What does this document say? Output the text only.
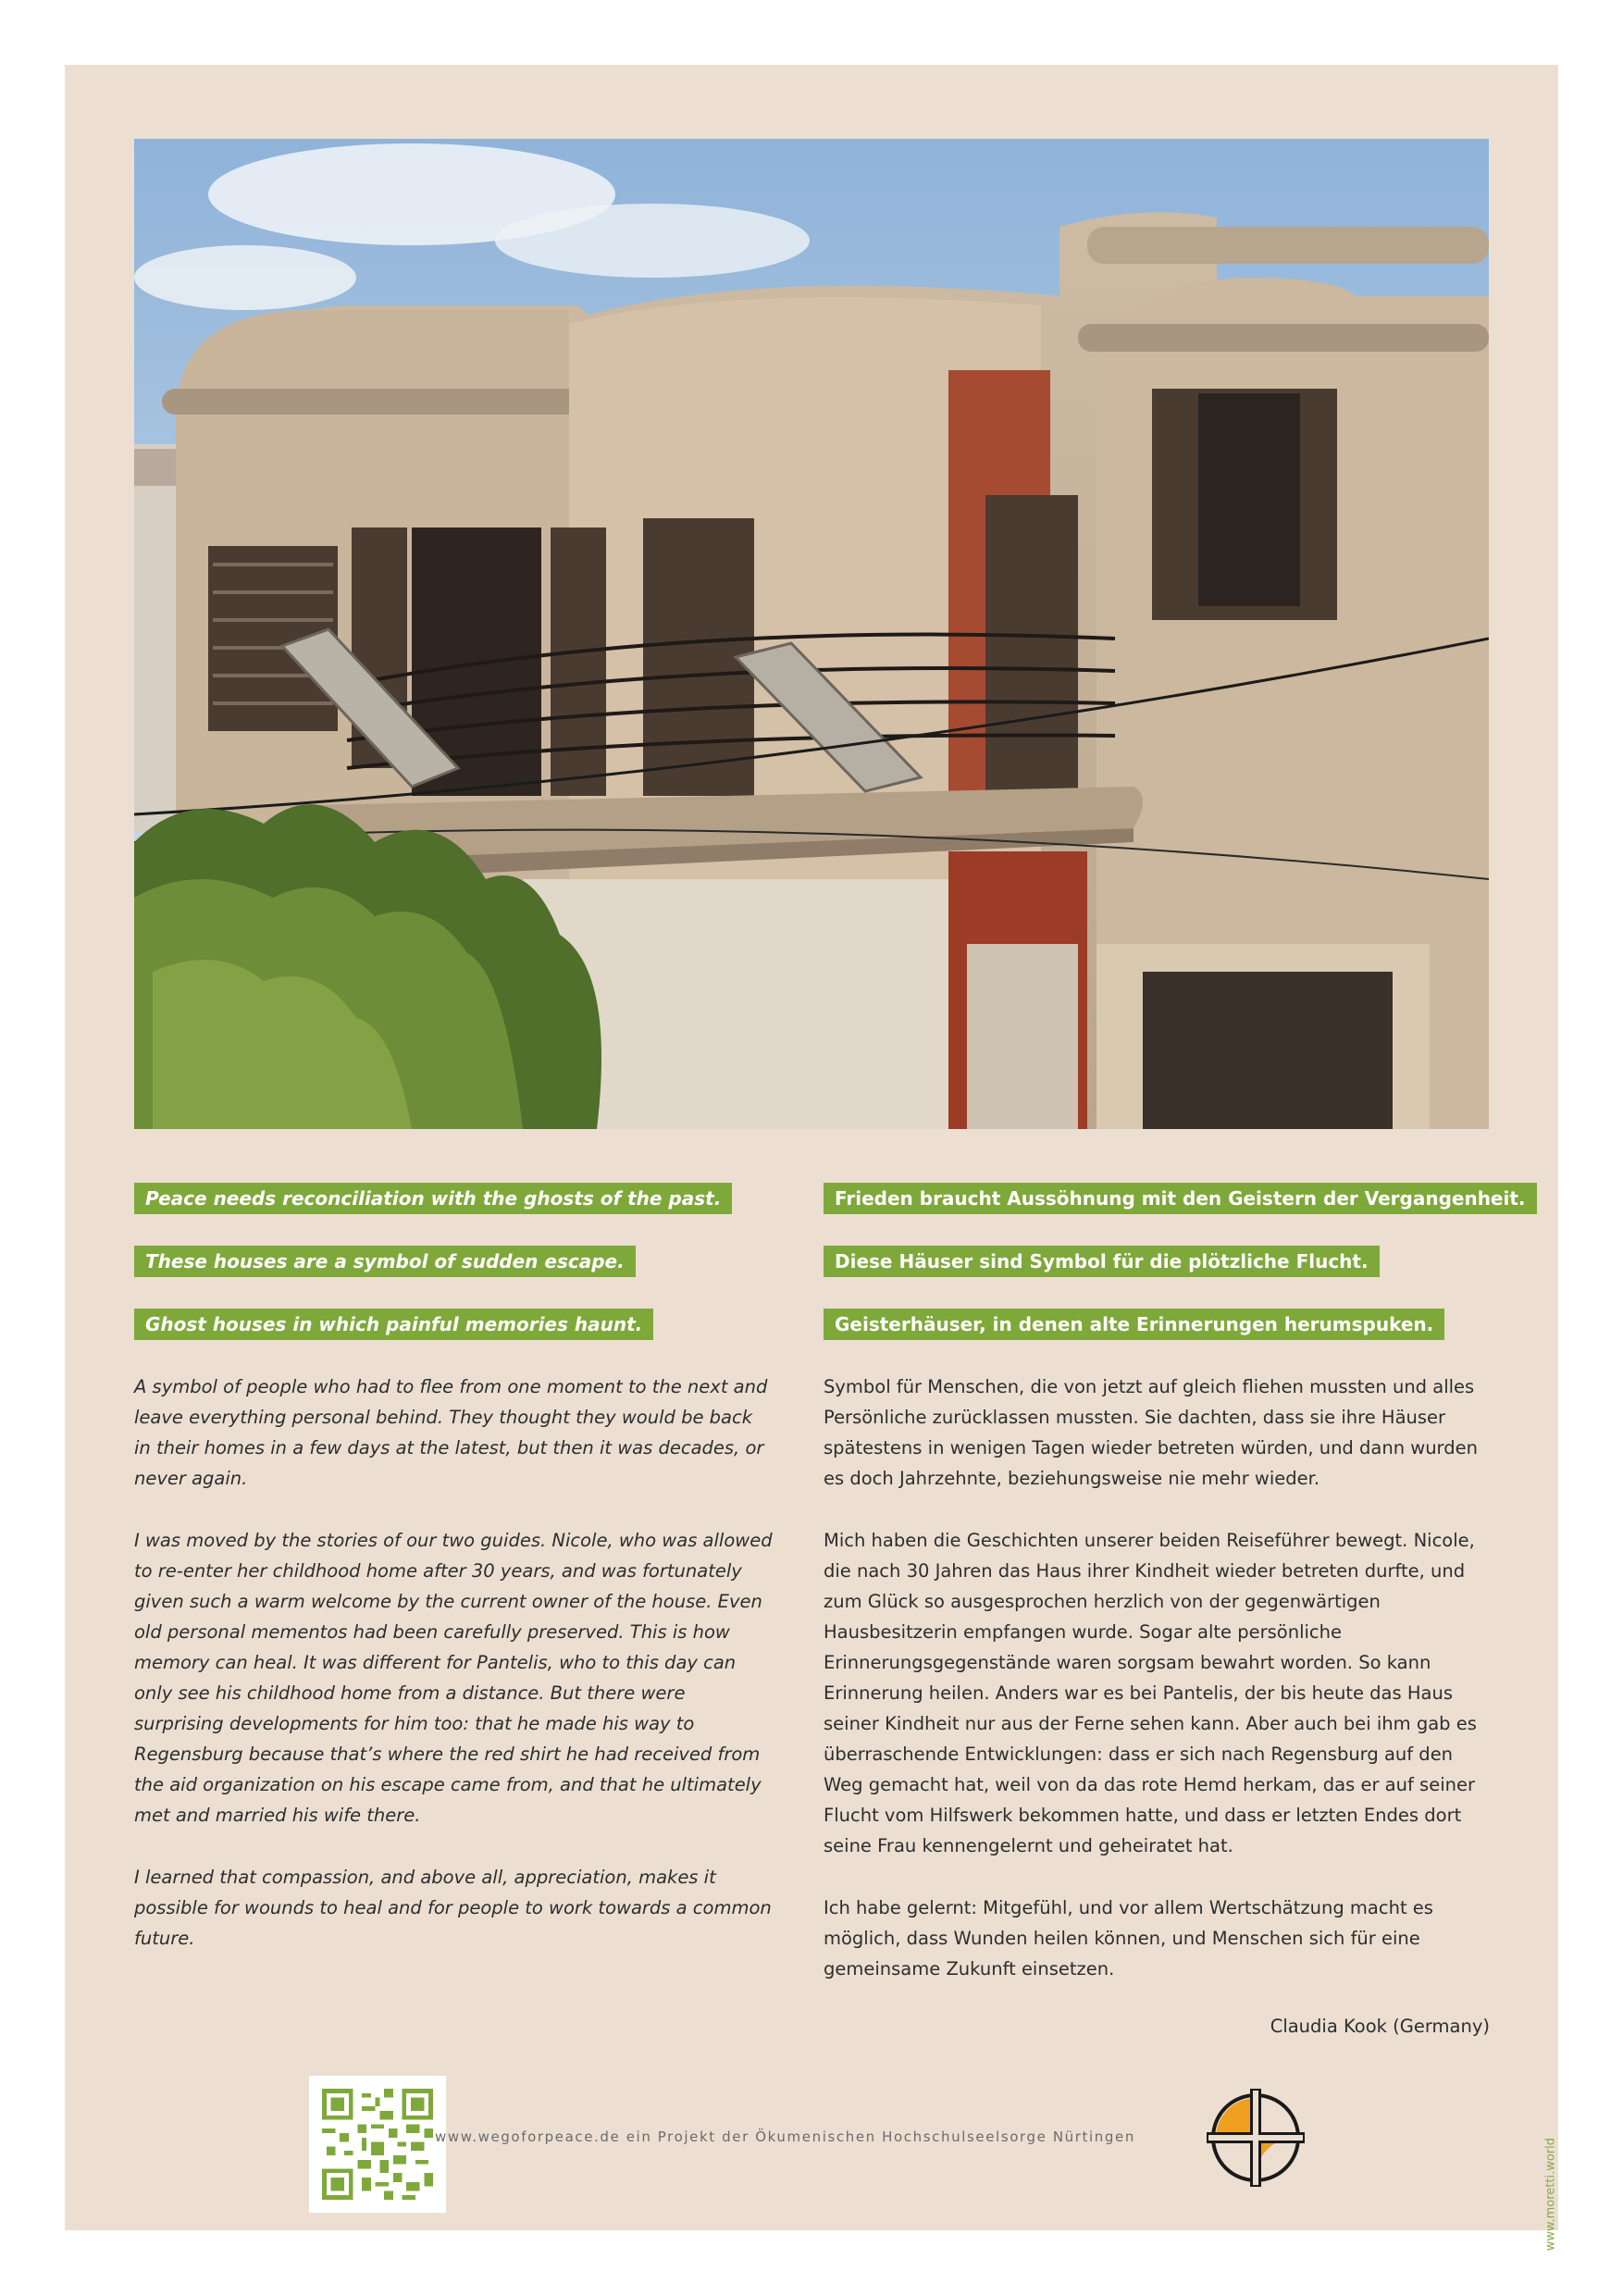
Peace needs reconciliation with the ghosts of the past.
These houses are a symbol of sudden escape.
Ghost houses in which painful memories haunt.

A symbol of people who had to flee from one moment to the next and leave everything personal behind. They thought they would be back in their homes in a few days at the latest, but then it was decades, or never again.

I was moved by the stories of our two guides. Nicole, who was allowed to re-enter her childhood home after 30 years, and was fortunately given such a warm welcome by the current owner of the house. Even old personal mementos had been carefully preserved. This is how memory can heal. It was different for Pantelis, who to this day can only see his childhood home from a distance. But there were surprising developments for him too: that he made his way to Regensburg because that’s where the red shirt he had received from the aid organization on his escape came from, and that he ultimately met and married his wife there.

I learned that compassion, and above all, appreciation, makes it possible for wounds to heal and for people to work towards a common future.

Frieden braucht Aussöhnung mit den Geistern der Vergangenheit.
Diese Häuser sind Symbol für die plötzliche Flucht.
Geisterhäuser, in denen alte Erinnerungen herumspuken.

Symbol für Menschen, die von jetzt auf gleich fliehen mussten und alles Persönliche zurücklassen mussten. Sie dachten, dass sie ihre Häuser spätestens in wenigen Tagen wieder betreten würden, und dann wurden es doch Jahrzehnte, beziehungsweise nie mehr wieder.

Mich haben die Geschichten unserer beiden Reiseführer bewegt. Nicole, die nach 30 Jahren das Haus ihrer Kindheit wieder betreten durfte, und zum Glück so ausgesprochen herzlich von der gegenwärtigen Hausbesitzerin empfangen wurde. Sogar alte persönliche Erinnerungsgegenstände waren sorgsam bewahrt worden. So kann Erinnerung heilen. Anders war es bei Pantelis, der bis heute das Haus seiner Kindheit nur aus der Ferne sehen kann. Aber auch bei ihm gab es überraschende Entwicklungen: dass er sich nach Regensburg auf den Weg gemacht hat, weil von da das rote Hemd herkam, das er auf seiner Flucht vom Hilfswerk bekommen hatte, und dass er letzten Endes dort seine Frau kennengelernt und geheiratet hat.

Ich habe gelernt: Mitgefühl, und vor allem Wertschätzung macht es möglich, dass Wunden heilen können, und Menschen sich für eine gemeinsame Zukunft einsetzen.

Claudia Kook (Germany)
www.wegoforpeace.de ein Projekt der Ökumenischen Hochschulseelsorge Nürtingen
www.moretti.world
